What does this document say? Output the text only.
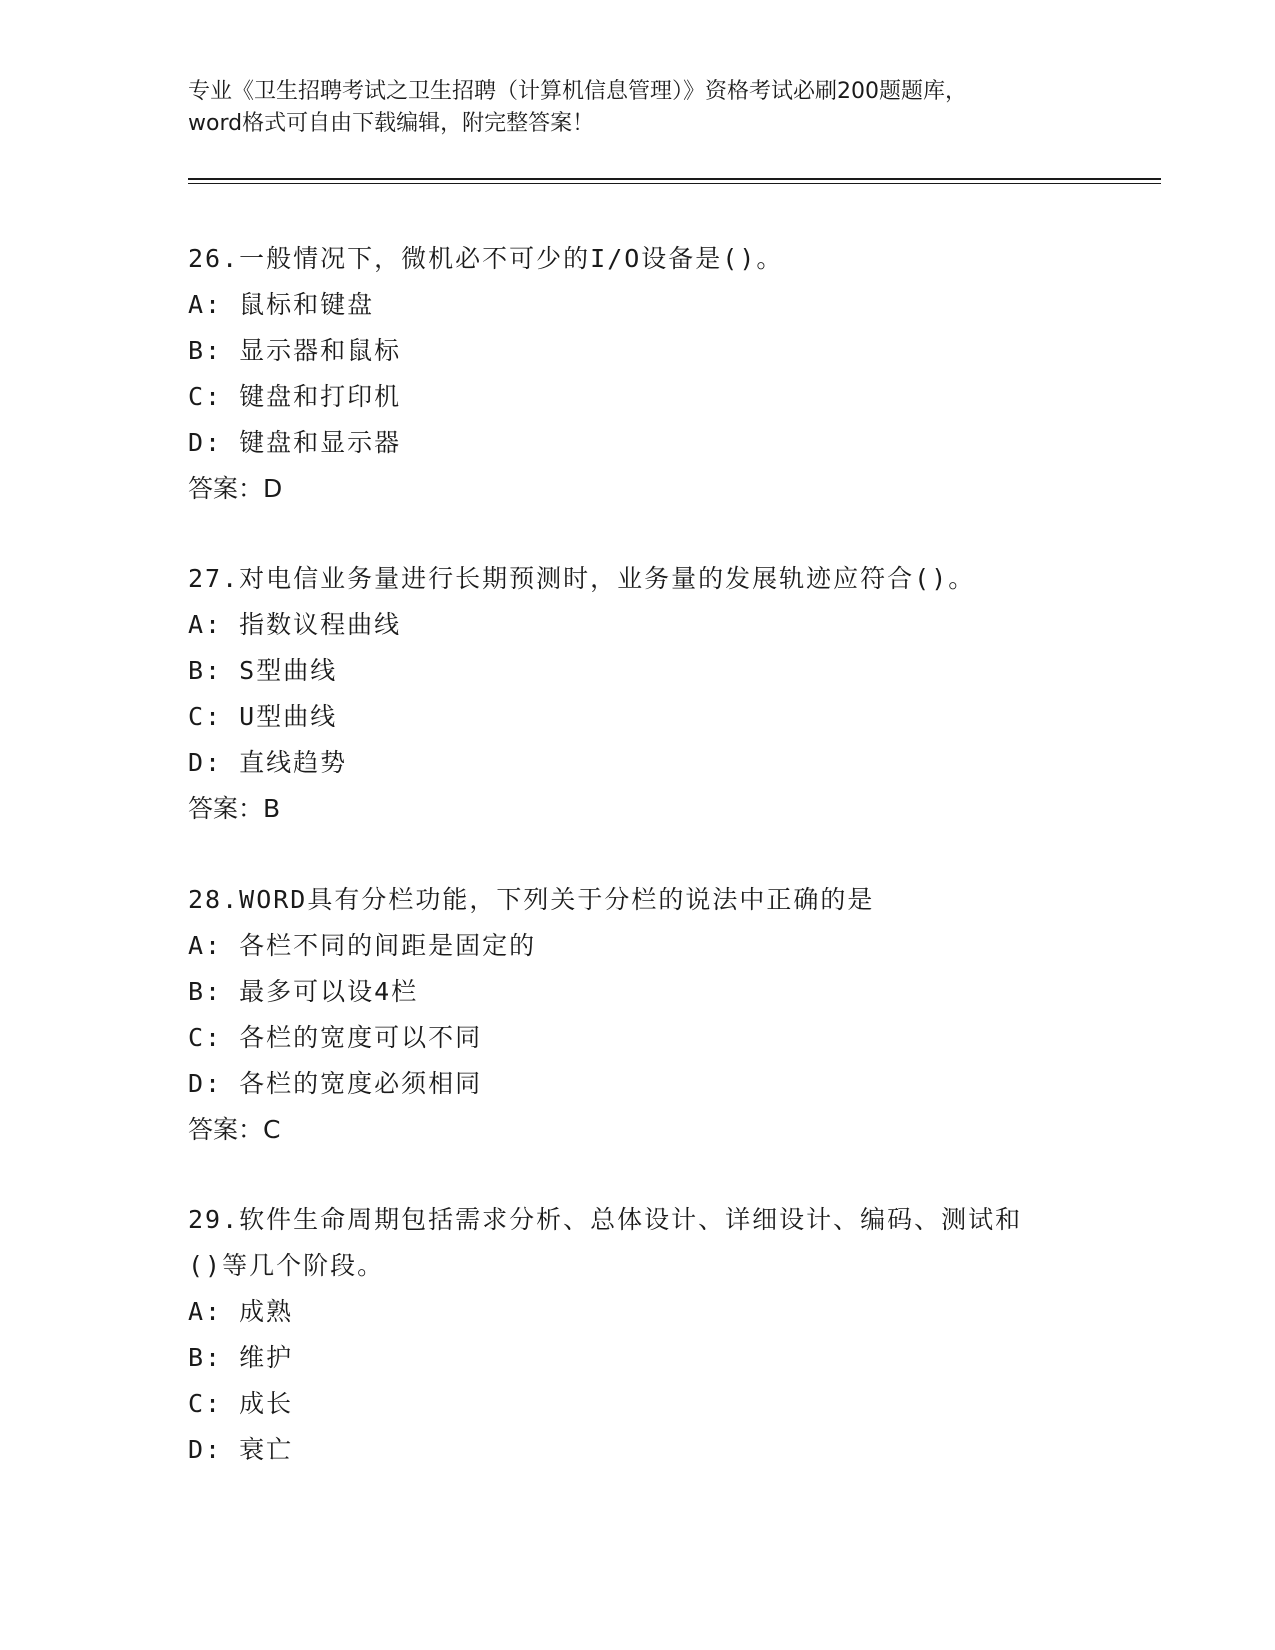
专业《卫生招聘考试之卫生招聘（计算机信息管理）》资格考试必刷200题题库，
word格式可自由下载编辑，附完整答案！
26.一般情况下，微机必不可少的I/O设备是()。
A: 鼠标和键盘
B: 显示器和鼠标
C: 键盘和打印机
D: 键盘和显示器
答案：D
27.对电信业务量进行长期预测时，业务量的发展轨迹应符合()。
A: 指数议程曲线
B: S型曲线
C: U型曲线
D: 直线趋势
答案：B
28.WORD具有分栏功能，下列关于分栏的说法中正确的是
A: 各栏不同的间距是固定的
B: 最多可以设4栏
C: 各栏的宽度可以不同
D: 各栏的宽度必须相同
答案：C
29.软件生命周期包括需求分析、总体设计、详细设计、编码、测试和
()等几个阶段。
A: 成熟
B: 维护
C: 成长
D: 衰亡
